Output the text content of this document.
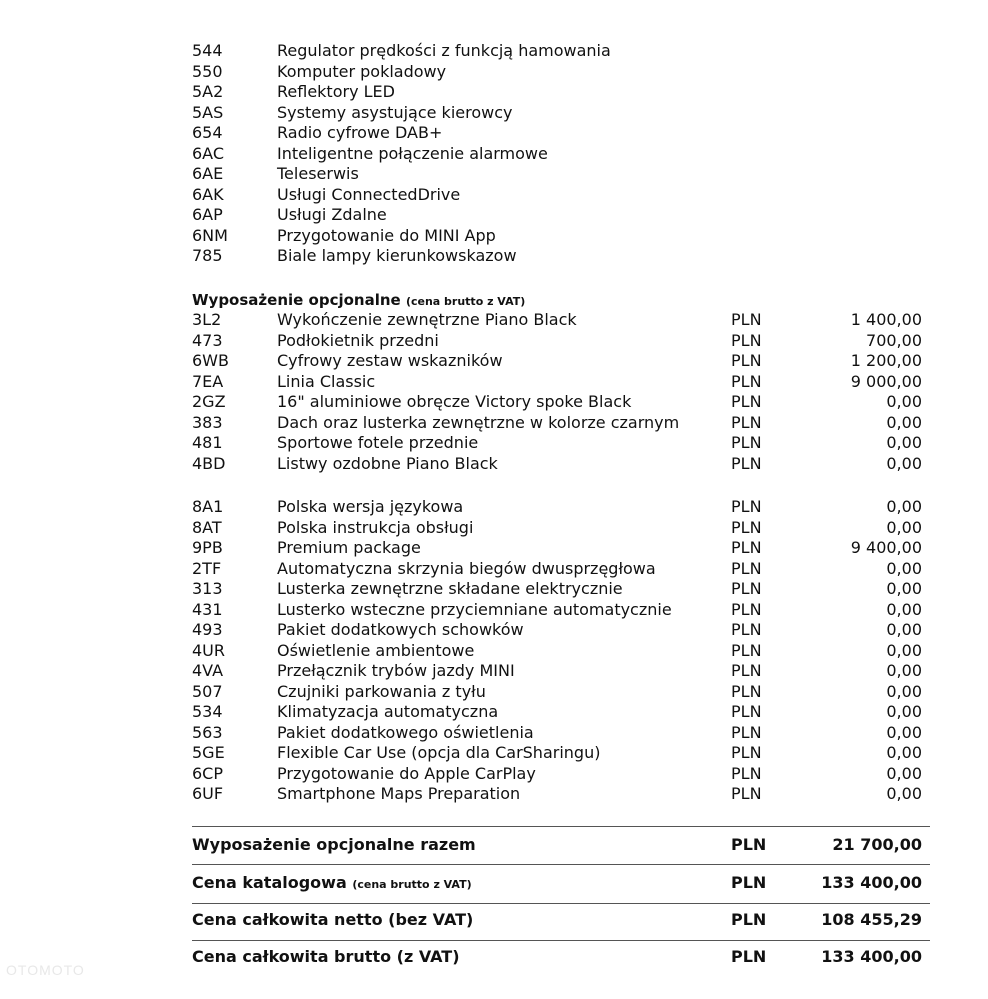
544	Regulator prędkości z funkcją hamowania
550	Komputer pokladowy
5A2	Reflektory LED
5AS	Systemy asystujące kierowcy
654	Radio cyfrowe DAB+
6AC	Inteligentne połączenie alarmowe
6AE	Teleserwis
6AK	Usługi ConnectedDrive
6AP	Usługi Zdalne
6NM	Przygotowanie do MINI App
785	Biale lampy kierunkowskazow
Wyposażenie opcjonalne (cena brutto z VAT)
3L2	Wykończenie zewnętrzne Piano Black	PLN	1 400,00
473	Podłokietnik przedni	PLN	700,00
6WB	Cyfrowy zestaw wskazników	PLN	1 200,00
7EA	Linia Classic	PLN	9 000,00
2GZ	16" aluminiowe obręcze Victory spoke Black	PLN	0,00
383	Dach oraz lusterka zewnętrzne w kolorze czarnym	PLN	0,00
481	Sportowe fotele przednie	PLN	0,00
4BD	Listwy ozdobne Piano Black	PLN	0,00
8A1	Polska wersja językowa	PLN	0,00
8AT	Polska instrukcja obsługi	PLN	0,00
9PB	Premium package	PLN	9 400,00
2TF	Automatyczna skrzynia biegów dwusprzęgłowa	PLN	0,00
313	Lusterka zewnętrzne składane elektrycznie	PLN	0,00
431	Lusterko wsteczne przyciemniane automatycznie	PLN	0,00
493	Pakiet dodatkowych schowków	PLN	0,00
4UR	Oświetlenie ambientowe	PLN	0,00
4VA	Przełącznik trybów jazdy MINI	PLN	0,00
507	Czujniki parkowania z tyłu	PLN	0,00
534	Klimatyzacja automatyczna	PLN	0,00
563	Pakiet dodatkowego oświetlenia	PLN	0,00
5GE	Flexible Car Use (opcja dla CarSharingu)	PLN	0,00
6CP	Przygotowanie do Apple CarPlay	PLN	0,00
6UF	Smartphone Maps Preparation	PLN	0,00
Wyposażenie opcjonalne razem	PLN	21 700,00
Cena katalogowa (cena brutto z VAT)	PLN	133 400,00
Cena całkowita netto (bez VAT)	PLN	108 455,29
Cena całkowita brutto (z VAT)	PLN	133 400,00
OTOMOTO
